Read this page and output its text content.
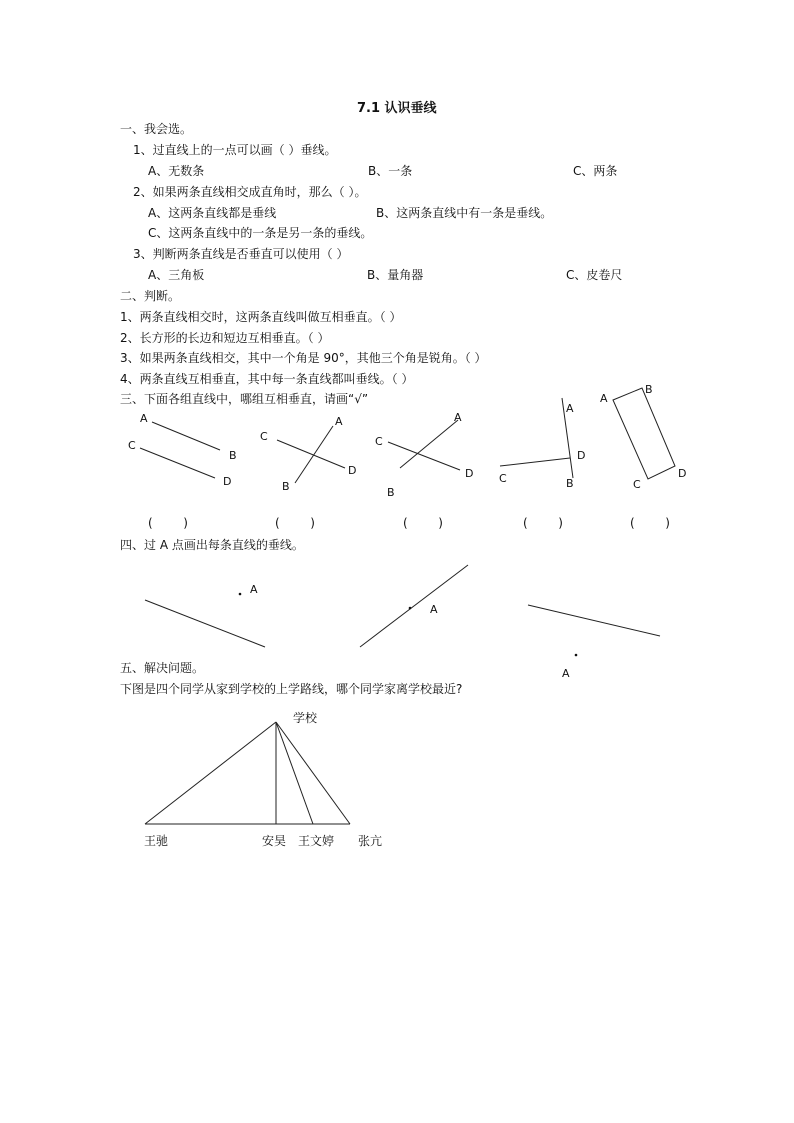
7.1 认识垂线
一、我会选。
1、过直线上的一点可以画（ ）垂线。
A、无数条	B、一条	C、两条
2、如果两条直线相交成直角时，那么（ ）。
A、这两条直线都是垂线	B、这两条直线中有一条是垂线。
C、这两条直线中的一条是另一条的垂线。
3、判断两条直线是否垂直可以使用（ ）
A、三角板	B、量角器	C、皮卷尺
二、判断。
1、两条直线相交时，这两条直线叫做互相垂直。（ ）
2、长方形的长边和短边互相垂直。（ ）
3、如果两条直线相交，其中一个角是 90°，其他三个角是锐角。（ ）
4、两条直线互相垂直，其中每一条直线都叫垂线。（ ）
三、下面各组直线中，哪组互相垂直，请画“√”
A
B
C
D
A
B
C
D
A
B
C
D
A
B
C
D
A
B
C
D
(        )	(        )	(        )	(        )	(        )
四、过 A 点画出每条直线的垂线。
A
A
A
五、解决问题。
下图是四个同学从家到学校的上学路线，哪个同学家离学校最近?
学校
王驰	安昊 王文婷 张亢
